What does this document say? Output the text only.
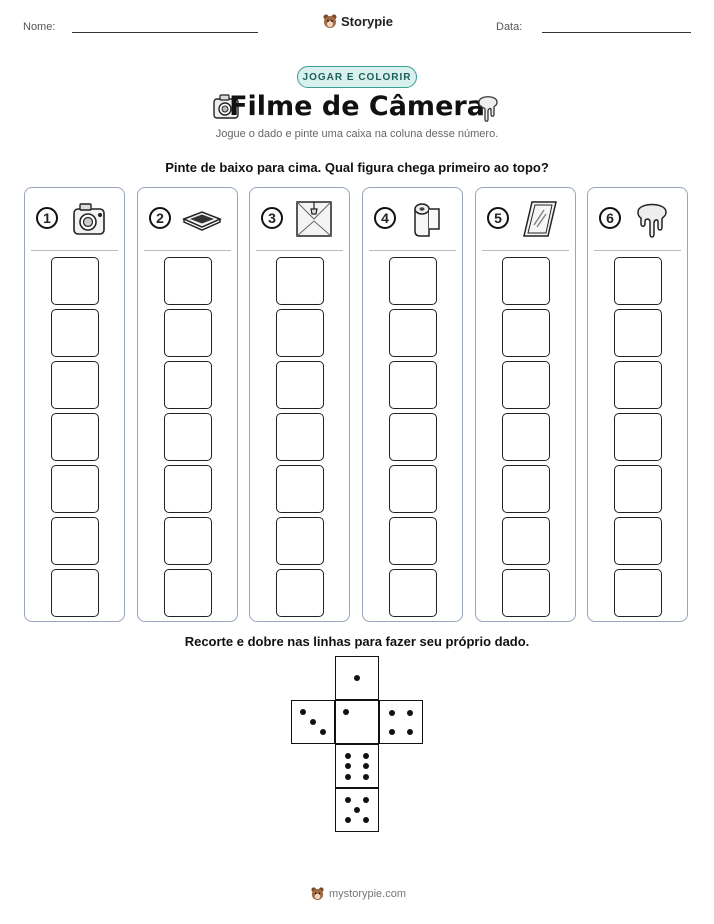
Nome:	Storypie	Data:
JOGAR E COLORIR
Filme de Câmera
Jogue o dado e pinte uma caixa na coluna desse número.
Pinte de baixo para cima. Qual figura chega primeiro ao topo?
1	2	3	4	5	6
Recorte e dobre nas linhas para fazer seu próprio dado.
mystorypie.com
